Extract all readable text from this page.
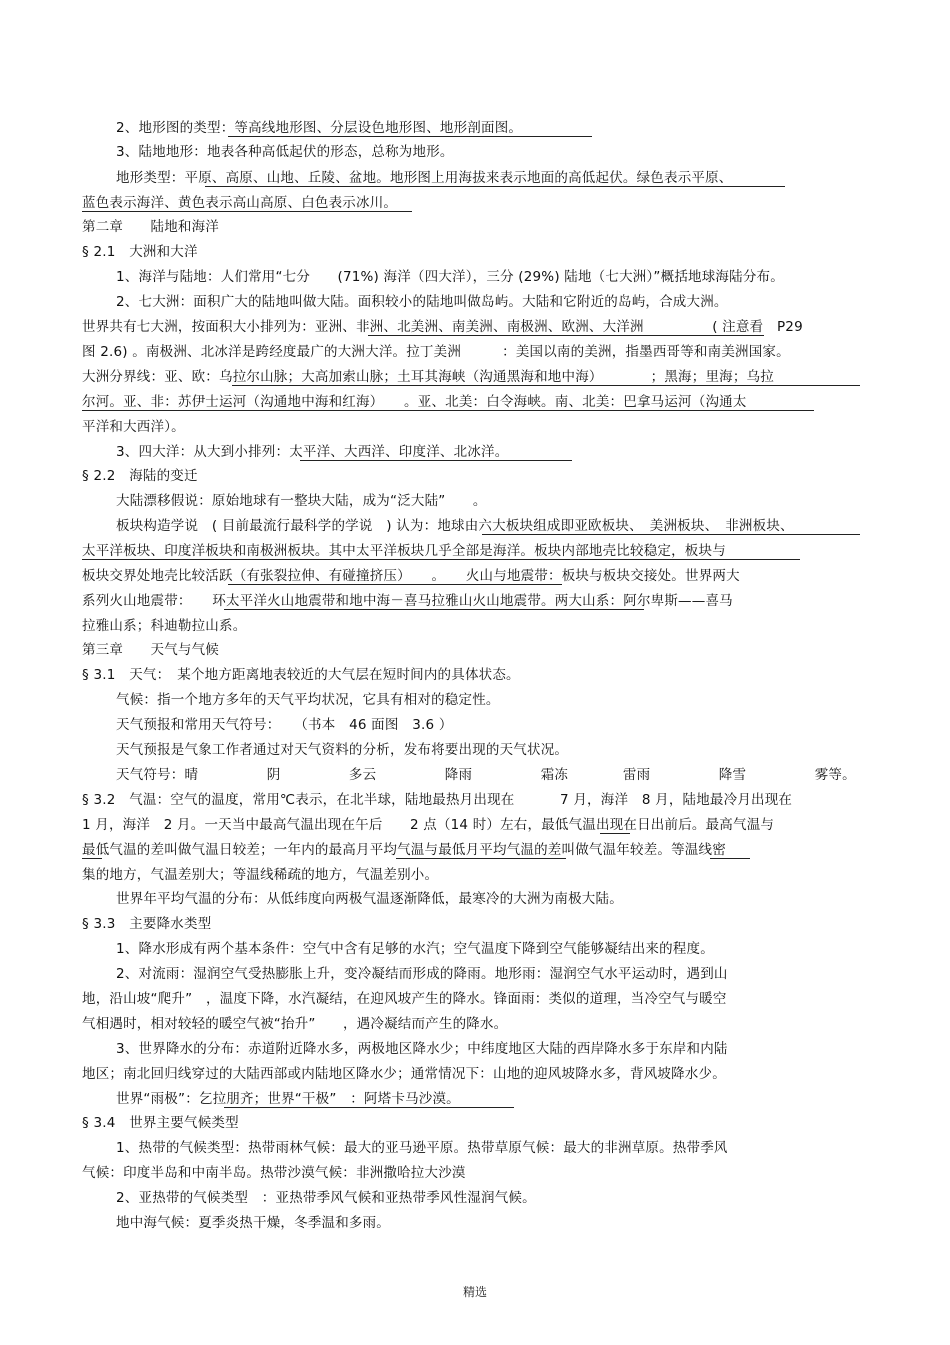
2、地形图的类型：等高线地形图、分层设色地形图、地形剖面图。
3、陆地地形：地表各种高低起伏的形态，总称为地形。
地形类型：平原、高原、山地、丘陵、盆地。地形图上用海拔来表示地面的高低起伏。绿色表示平原、
蓝色表示海洋、黄色表示高山高原、白色表示冰川。
第二章　　陆地和海洋
§ 2.1　大洲和大洋
1、海洋与陆地：人们常用“七分　　(71%) 海洋（四大洋），三分 (29%) 陆地（七大洲）”概括地球海陆分布。
2、七大洲：面积广大的陆地叫做大陆。面积较小的陆地叫做岛屿。大陆和它附近的岛屿，合成大洲。
世界共有七大洲，按面积大小排列为：亚洲、非洲、北美洲、南美洲、南极洲、欧洲、大洋洲　　　　　( 注意看　P29
图 2.6) 。南极洲、北冰洋是跨经度最广的大洲大洋。拉丁美洲　　　：美国以南的美洲，指墨西哥等和南美洲国家。
大洲分界线：亚、欧：乌拉尔山脉；大高加索山脉；土耳其海峡（沟通黑海和地中海）　　　　；黑海；里海；乌拉
尔河。亚、非：苏伊士运河（沟通地中海和红海）　　。亚、北美：白令海峡。南、北美：巴拿马运河（沟通太
平洋和大西洋）。
3、四大洋：从大到小排列：太平洋、大西洋、印度洋、北冰洋。
§ 2.2　海陆的变迁
大陆漂移假说：原始地球有一整块大陆，成为“泛大陆”　　。
板块构造学说　( 目前最流行最科学的学说　) 认为：地球由六大板块组成即亚欧板块、　美洲板块、　非洲板块、
太平洋板块、印度洋板块和南极洲板块。其中太平洋板块几乎全部是海洋。板块内部地壳比较稳定，板块与
板块交界处地壳比较活跃（有张裂拉伸、有碰撞挤压）　　。　　火山与地震带：板块与板块交接处。世界两大
系列火山地震带：　　环太平洋火山地震带和地中海－喜马拉雅山火山地震带。两大山系：阿尔卑斯——喜马
拉雅山系；科迪勒拉山系。
第三章　　天气与气候
§ 3.1　天气：　某个地方距离地表较近的大气层在短时间内的具体状态。
气候：指一个地方多年的天气平均状况，它具有相对的稳定性。
天气预报和常用天气符号：　　（书本　46 面图　3.6 ）
天气预报是气象工作者通过对天气资料的分析，发布将要出现的天气状况。
天气符号：晴　　　　　阴　　　　　多云　　　　　降雨　　　　　霜冻　　　　雷雨　　　　　降雪　　　　　雾等。
§ 3.2　气温：空气的温度，常用℃表示，在北半球，陆地最热月出现在　　　 7 月，海洋　8 月，陆地最冷月出现在
1 月，海洋　2 月。一天当中最高气温出现在午后　　2 点（14 时）左右，最低气温出现在日出前后。最高气温与
最低气温的差叫做气温日较差；一年内的最高月平均气温与最低月平均气温的差叫做气温年较差。等温线密
集的地方，气温差别大；等温线稀疏的地方，气温差别小。
世界年平均气温的分布：从低纬度向两极气温逐渐降低，最寒冷的大洲为南极大陆。
§ 3.3　主要降水类型
1、降水形成有两个基本条件：空气中含有足够的水汽；空气温度下降到空气能够凝结出来的程度。
2、对流雨：湿润空气受热膨胀上升，变冷凝结而形成的降雨。地形雨：湿润空气水平运动时，遇到山
地，沿山坡“爬升”　，温度下降，水汽凝结，在迎风坡产生的降水。锋面雨：类似的道理，当冷空气与暖空
气相遇时，相对较轻的暖空气被“抬升”　　，遇冷凝结而产生的降水。
3、世界降水的分布：赤道附近降水多，两极地区降水少；中纬度地区大陆的西岸降水多于东岸和内陆
地区；南北回归线穿过的大陆西部或内陆地区降水少；通常情况下：山地的迎风坡降水多，背风坡降水少。
世界“雨极”：乞拉朋齐；世界“干极”　：阿塔卡马沙漠。
§ 3.4　世界主要气候类型
1、热带的气候类型：热带雨林气候：最大的亚马逊平原。热带草原气候：最大的非洲草原。热带季风
气候：印度半岛和中南半岛。热带沙漠气候：非洲撒哈拉大沙漠
2、亚热带的气候类型　：亚热带季风气候和亚热带季风性湿润气候。
地中海气候：夏季炎热干燥，冬季温和多雨。
精选
